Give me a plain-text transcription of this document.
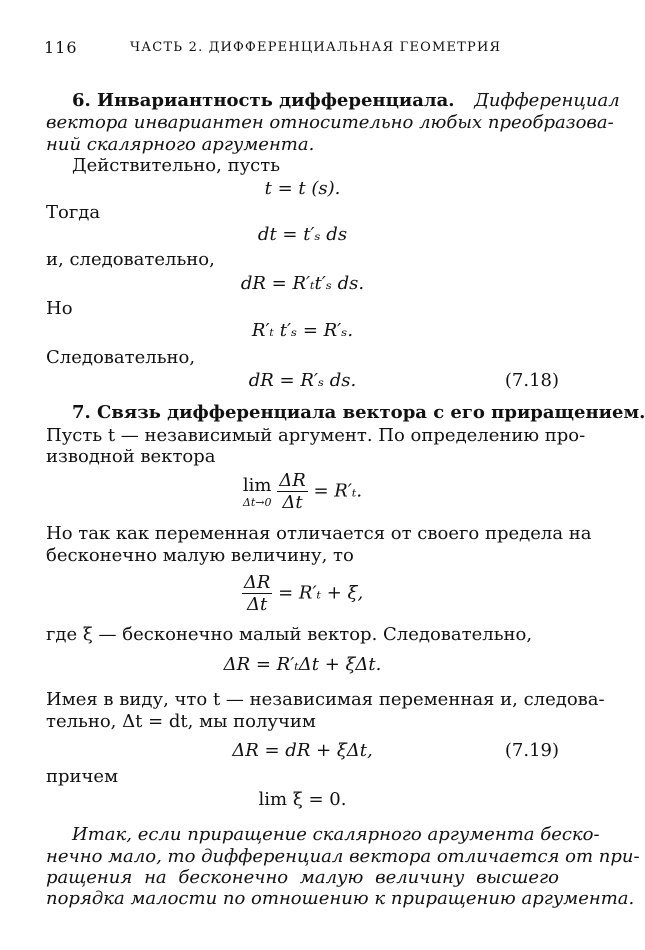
116	ЧАСТЬ 2. ДИФФЕРЕНЦИАЛЬНАЯ ГЕОМЕТРИЯ
6. Инвариантность дифференциала. Дифференциал
вектора инвариантен относительно любых преобразова-
ний скалярного аргумента.
Действительно, пусть
t = t (s).
Тогда
dt = t′ₛ ds
и, следовательно,
dR = R′ₜt′ₛ ds.
Но
R′ₜ t′ₛ = R′ₛ.
Следовательно,
dR = R′ₛ ds.	(7.18)
7. Связь дифференциала вектора с его приращением.
Пусть t — независимый аргумент. По определению про-
изводной вектора
lim
Δt→0
$\frac{\Delta R}{\Delta t} = R'_t$.
Но так как переменная отличается от своего предела на
бесконечно малую величину, то
$\frac{\Delta R}{\Delta t} = R'_t + \xi$,
где ξ — бесконечно малый вектор. Следовательно,
ΔR = R′ₜΔt + ξΔt.
Имея в виду, что t — независимая переменная и, следова-
тельно, Δt = dt, мы получим
ΔR = dR + ξΔt,	(7.19)
причем
lim ξ = 0.
Итак, если приращение скалярного аргумента беско-
нечно мало, то дифференциал вектора отличается от при-
ращения на бесконечно малую величину высшего
порядка малости по отношению к приращению аргумента.
